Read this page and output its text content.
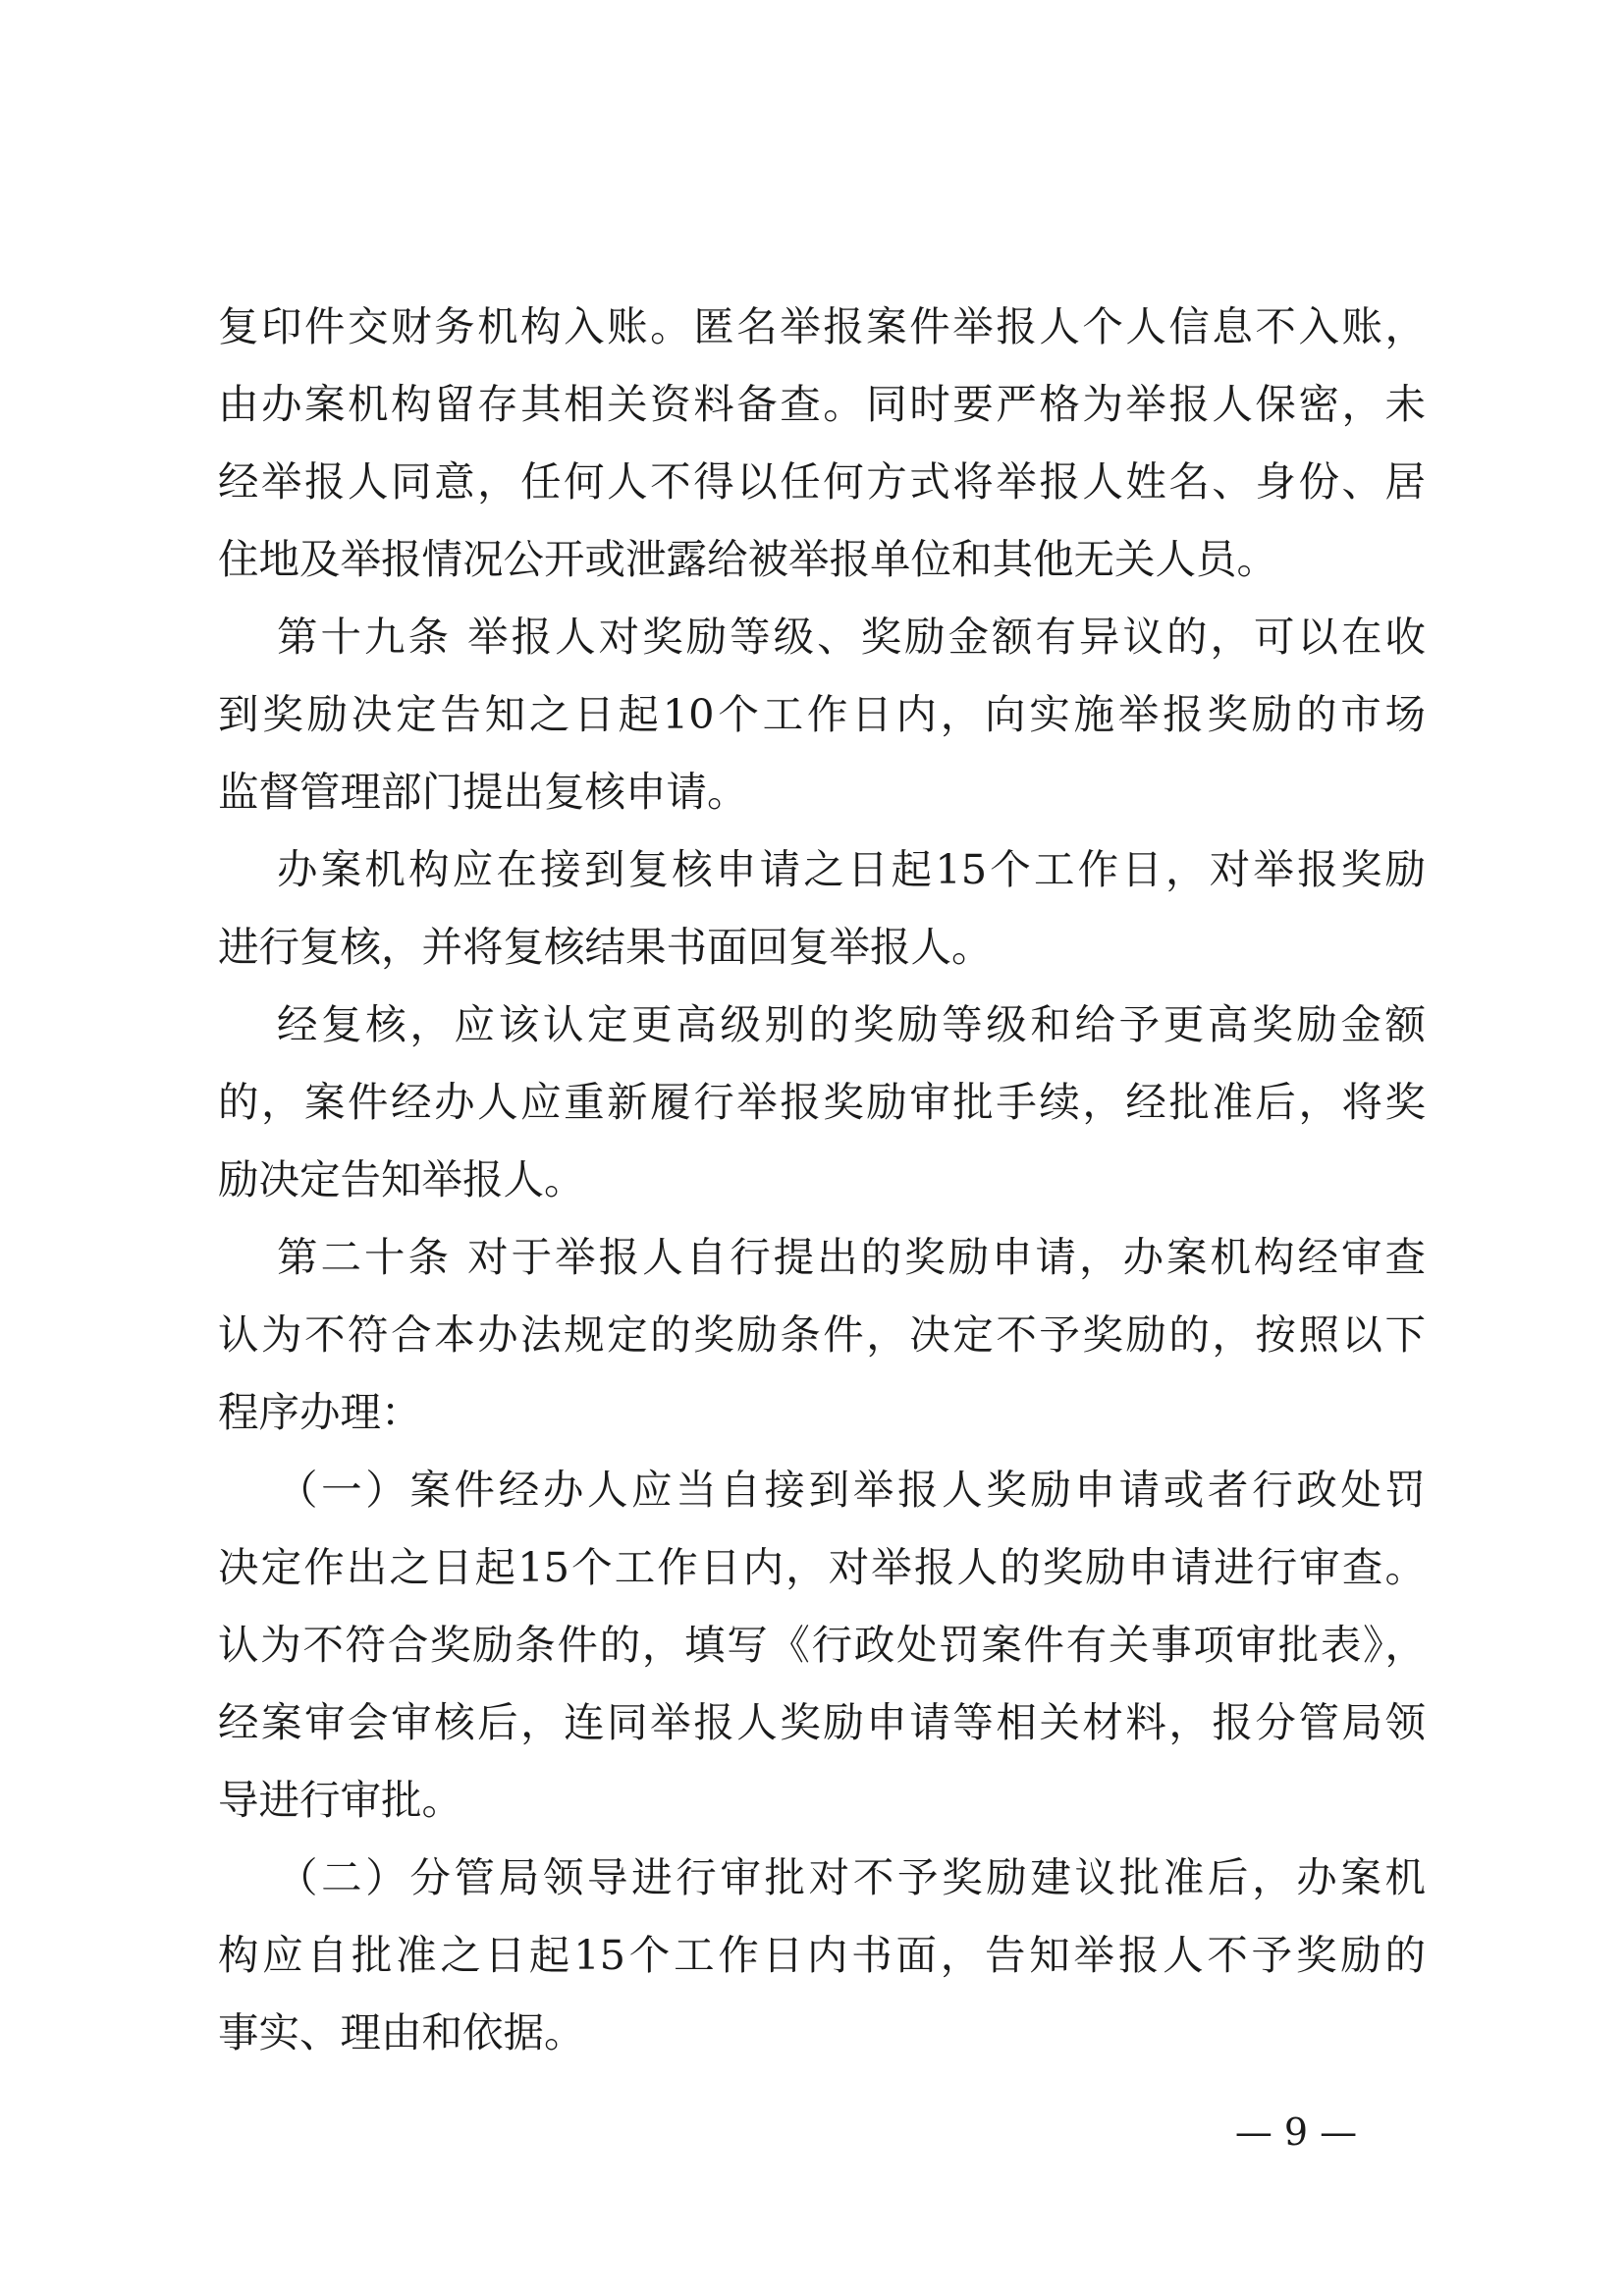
复印件交财务机构入账。匿名举报案件举报人个人信息不入账，

由办案机构留存其相关资料备查。同时要严格为举报人保密，未

经举报人同意，任何人不得以任何方式将举报人姓名、身份、居

住地及举报情况公开或泄露给被举报单位和其他无关人员。

第十九条 举报人对奖励等级、奖励金额有异议的，可以在收

到奖励决定告知之日起10个工作日内，向实施举报奖励的市场

监督管理部门提出复核申请。

办案机构应在接到复核申请之日起15个工作日，对举报奖励

进行复核，并将复核结果书面回复举报人。

经复核，应该认定更高级别的奖励等级和给予更高奖励金额

的，案件经办人应重新履行举报奖励审批手续，经批准后，将奖

励决定告知举报人。

第二十条 对于举报人自行提出的奖励申请，办案机构经审查

认为不符合本办法规定的奖励条件，决定不予奖励的，按照以下

程序办理：

（一）案件经办人应当自接到举报人奖励申请或者行政处罚

决定作出之日起15个工作日内，对举报人的奖励申请进行审查。

认为不符合奖励条件的，填写《行政处罚案件有关事项审批表》，

经案审会审核后，连同举报人奖励申请等相关材料，报分管局领

导进行审批。

（二）分管局领导进行审批对不予奖励建议批准后，办案机

构应自批准之日起15个工作日内书面，告知举报人不予奖励的

事实、理由和依据。

— 9 —
